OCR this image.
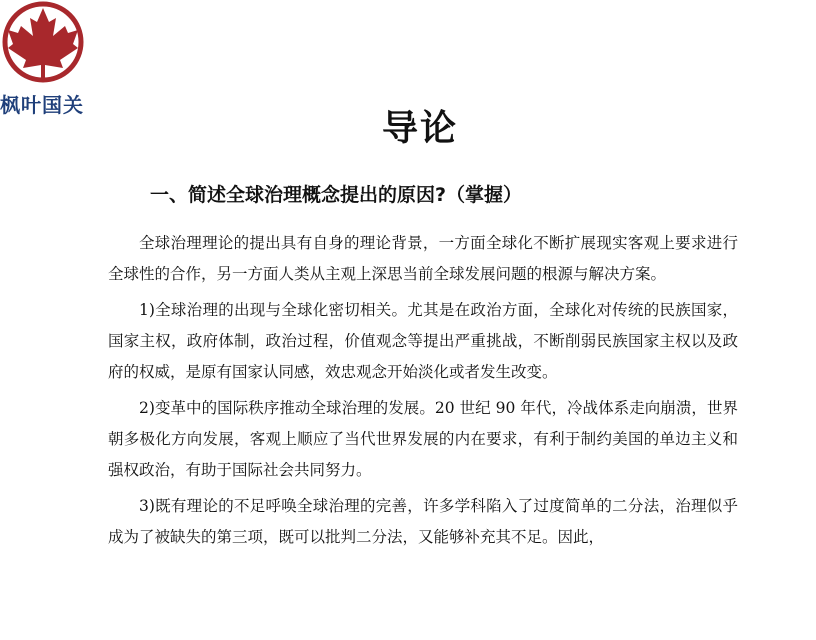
枫叶国关
导论
一、简述全球治理概念提出的原因?（掌握）

全球治理理论的提出具有自身的理论背景，一方面全球化不断扩展现实客观上要求进行全球性的合作，另一方面人类从主观上深思当前全球发展问题的根源与解决方案。

1)全球治理的出现与全球化密切相关。尤其是在政治方面，全球化对传统的民族国家，国家主权，政府体制，政治过程，价值观念等提出严重挑战，不断削弱民族国家主权以及政府的权威，是原有国家认同感，效忠观念开始淡化或者发生改变。

2)变革中的国际秩序推动全球治理的发展。20 世纪 90 年代，冷战体系走向崩溃，世界朝多极化方向发展，客观上顺应了当代世界发展的内在要求，有利于制约美国的单边主义和强权政治，有助于国际社会共同努力。

3)既有理论的不足呼唤全球治理的完善，许多学科陷入了过度简单的二分法，治理似乎成为了被缺失的第三项，既可以批判二分法，又能够补充其不足。因此，
